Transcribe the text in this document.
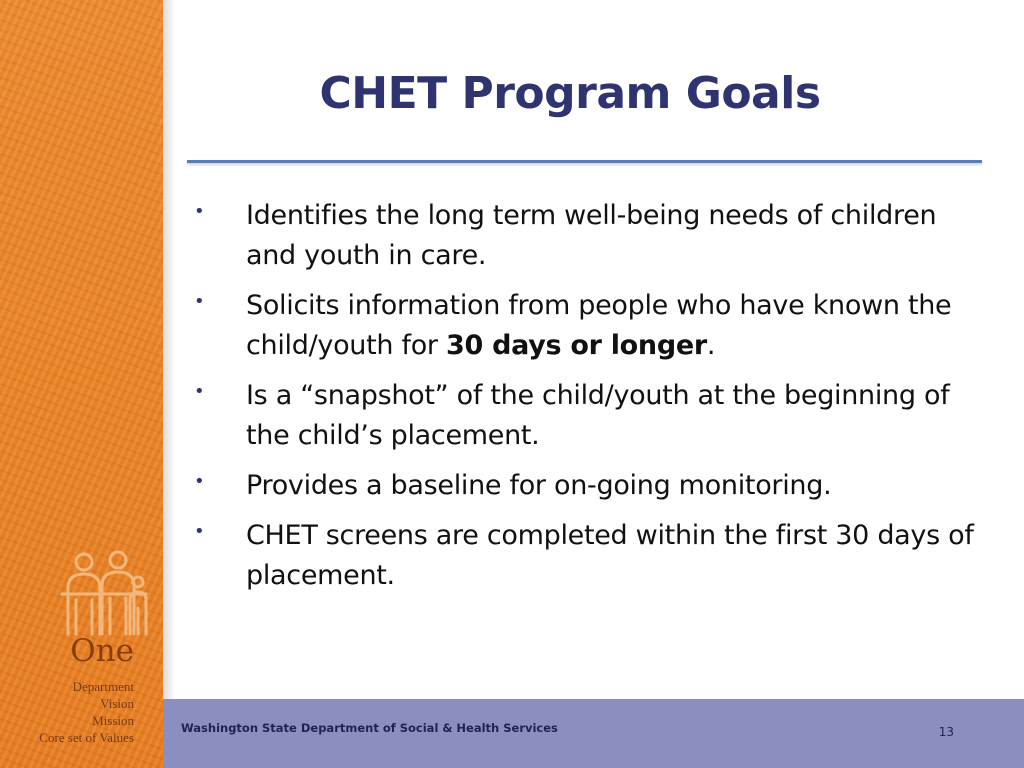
One
Department
Vision
Mission
Core set of Values
CHET Program Goals
• Identifies the long term well-being needs of children and youth in care.
• Solicits information from people who have known the child/youth for 30 days or longer.
• Is a “snapshot” of the child/youth at the beginning of the child’s placement.
• Provides a baseline for on-going monitoring.
• CHET screens are completed within the first 30 days of placement.
Washington State Department of Social & Health Services	13
